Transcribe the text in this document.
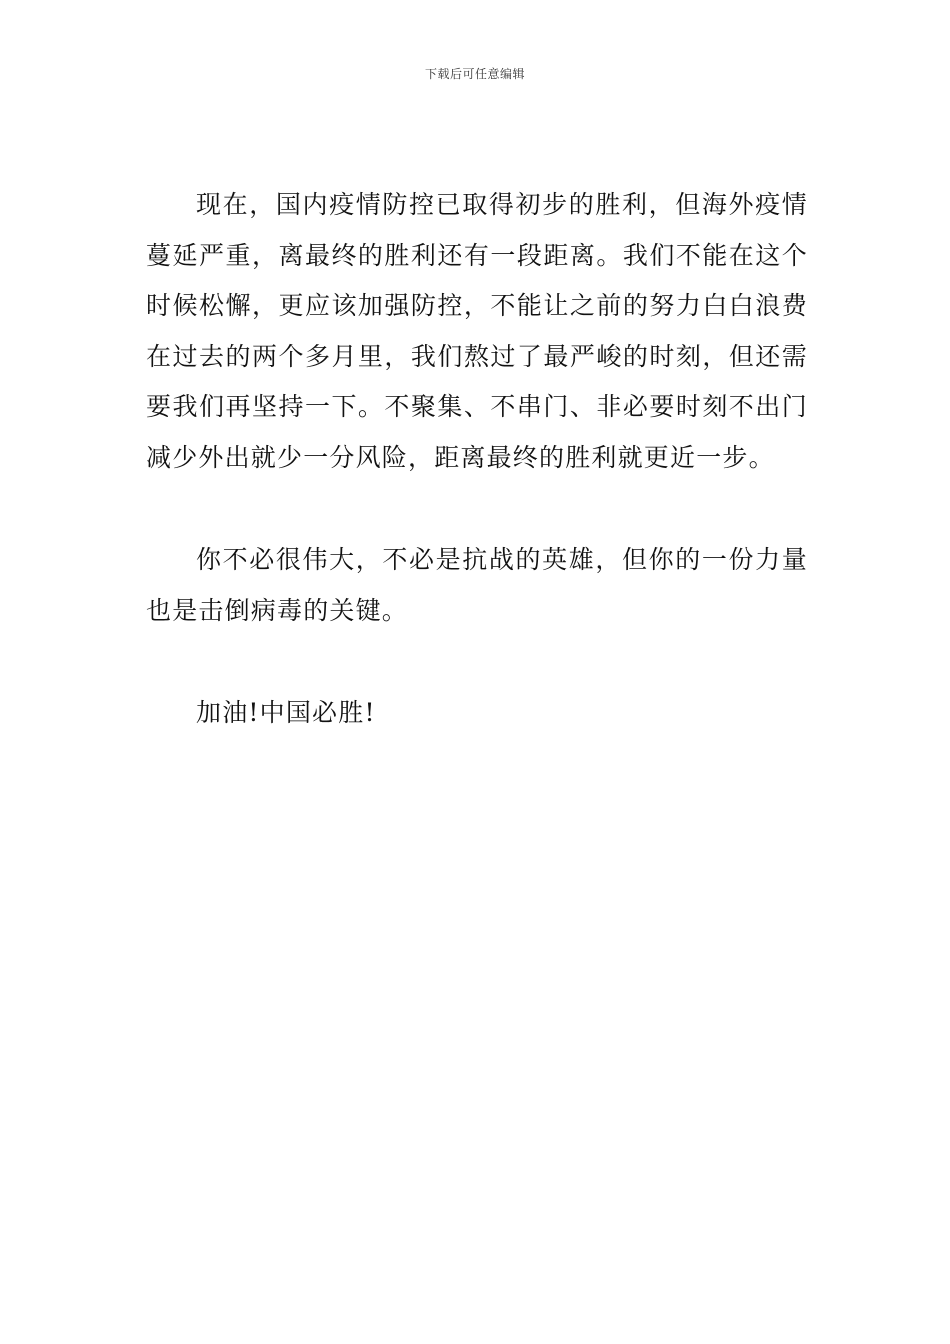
下载后可任意编辑

现在，国内疫情防控已取得初步的胜利，但海外疫情蔓延严重，离最终的胜利还有一段距离。我们不能在这个时候松懈，更应该加强防控，不能让之前的努力白白浪费在过去的两个多月里，我们熬过了最严峻的时刻，但还需要我们再坚持一下。不聚集、不串门、非必要时刻不出门减少外出就少一分风险，距离最终的胜利就更近一步。

你不必很伟大，不必是抗战的英雄，但你的一份力量也是击倒病毒的关键。

加油!中国必胜!
